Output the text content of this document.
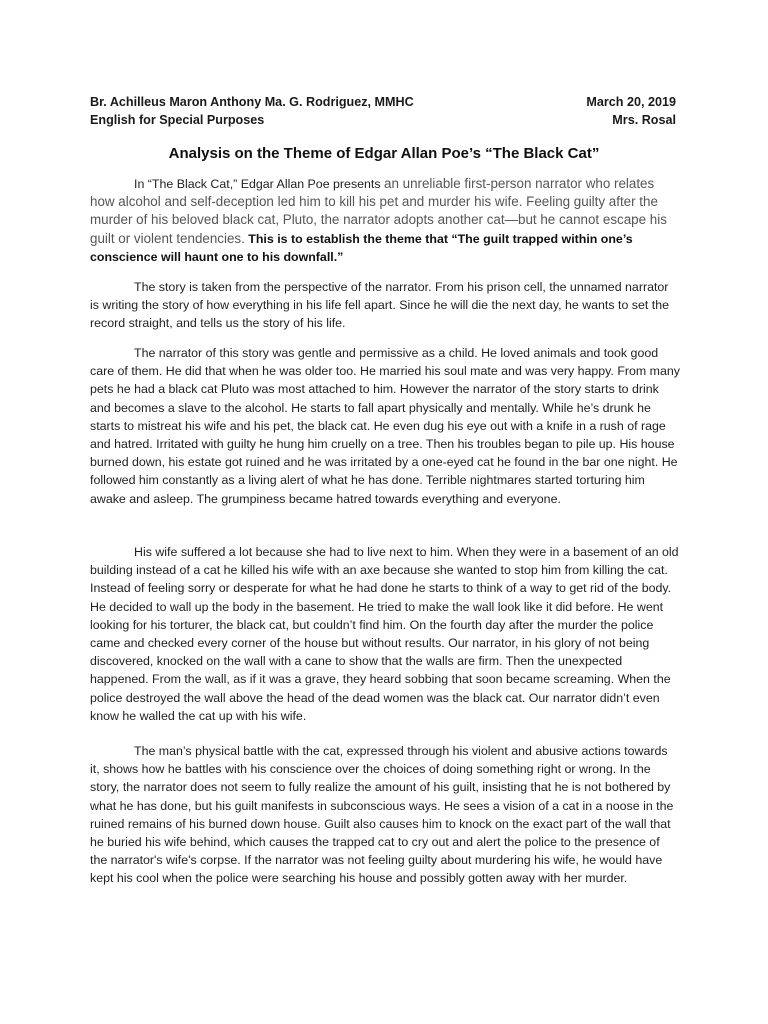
Br. Achilleus Maron Anthony Ma. G. Rodriguez, MMHC	March 20, 2019
English for Special Purposes	Mrs. Rosal
Analysis on the Theme of Edgar Allan Poe’s “The Black Cat”

In “The Black Cat,” Edgar Allan Poe presents an unreliable first-person narrator who relates how alcohol and self-deception led him to kill his pet and murder his wife. Feeling guilty after the murder of his beloved black cat, Pluto, the narrator adopts another cat—but he cannot escape his guilt or violent tendencies. This is to establish the theme that “The guilt trapped within one’s conscience will haunt one to his downfall.”

The story is taken from the perspective of the narrator. From his prison cell, the unnamed narrator is writing the story of how everything in his life fell apart. Since he will die the next day, he wants to set the record straight, and tells us the story of his life.

The narrator of this story was gentle and permissive as a child. He loved animals and took good care of them. He did that when he was older too. He married his soul mate and was very happy. From many pets he had a black cat Pluto was most attached to him. However the narrator of the story starts to drink and becomes a slave to the alcohol. He starts to fall apart physically and mentally. While he’s drunk he starts to mistreat his wife and his pet, the black cat. He even dug his eye out with a knife in a rush of rage and hatred. Irritated with guilty he hung him cruelly on a tree. Then his troubles began to pile up. His house burned down, his estate got ruined and he was irritated by a one-eyed cat he found in the bar one night. He followed him constantly as a living alert of what he has done. Terrible nightmares started torturing him awake and asleep. The grumpiness became hatred towards everything and everyone.

His wife suffered a lot because she had to live next to him. When they were in a basement of an old building instead of a cat he killed his wife with an axe because she wanted to stop him from killing the cat. Instead of feeling sorry or desperate for what he had done he starts to think of a way to get rid of the body. He decided to wall up the body in the basement. He tried to make the wall look like it did before. He went looking for his torturer, the black cat, but couldn’t find him. On the fourth day after the murder the police came and checked every corner of the house but without results. Our narrator, in his glory of not being discovered, knocked on the wall with a cane to show that the walls are firm. Then the unexpected happened. From the wall, as if it was a grave, they heard sobbing that soon became screaming. When the police destroyed the wall above the head of the dead women was the black cat. Our narrator didn’t even know he walled the cat up with his wife.

The man’s physical battle with the cat, expressed through his violent and abusive actions towards it, shows how he battles with his conscience over the choices of doing something right or wrong. In the story, the narrator does not seem to fully realize the amount of his guilt, insisting that he is not bothered by what he has done, but his guilt manifests in subconscious ways. He sees a vision of a cat in a noose in the ruined remains of his burned down house. Guilt also causes him to knock on the exact part of the wall that he buried his wife behind, which causes the trapped cat to cry out and alert the police to the presence of the narrator's wife's corpse. If the narrator was not feeling guilty about murdering his wife, he would have kept his cool when the police were searching his house and possibly gotten away with her murder.
